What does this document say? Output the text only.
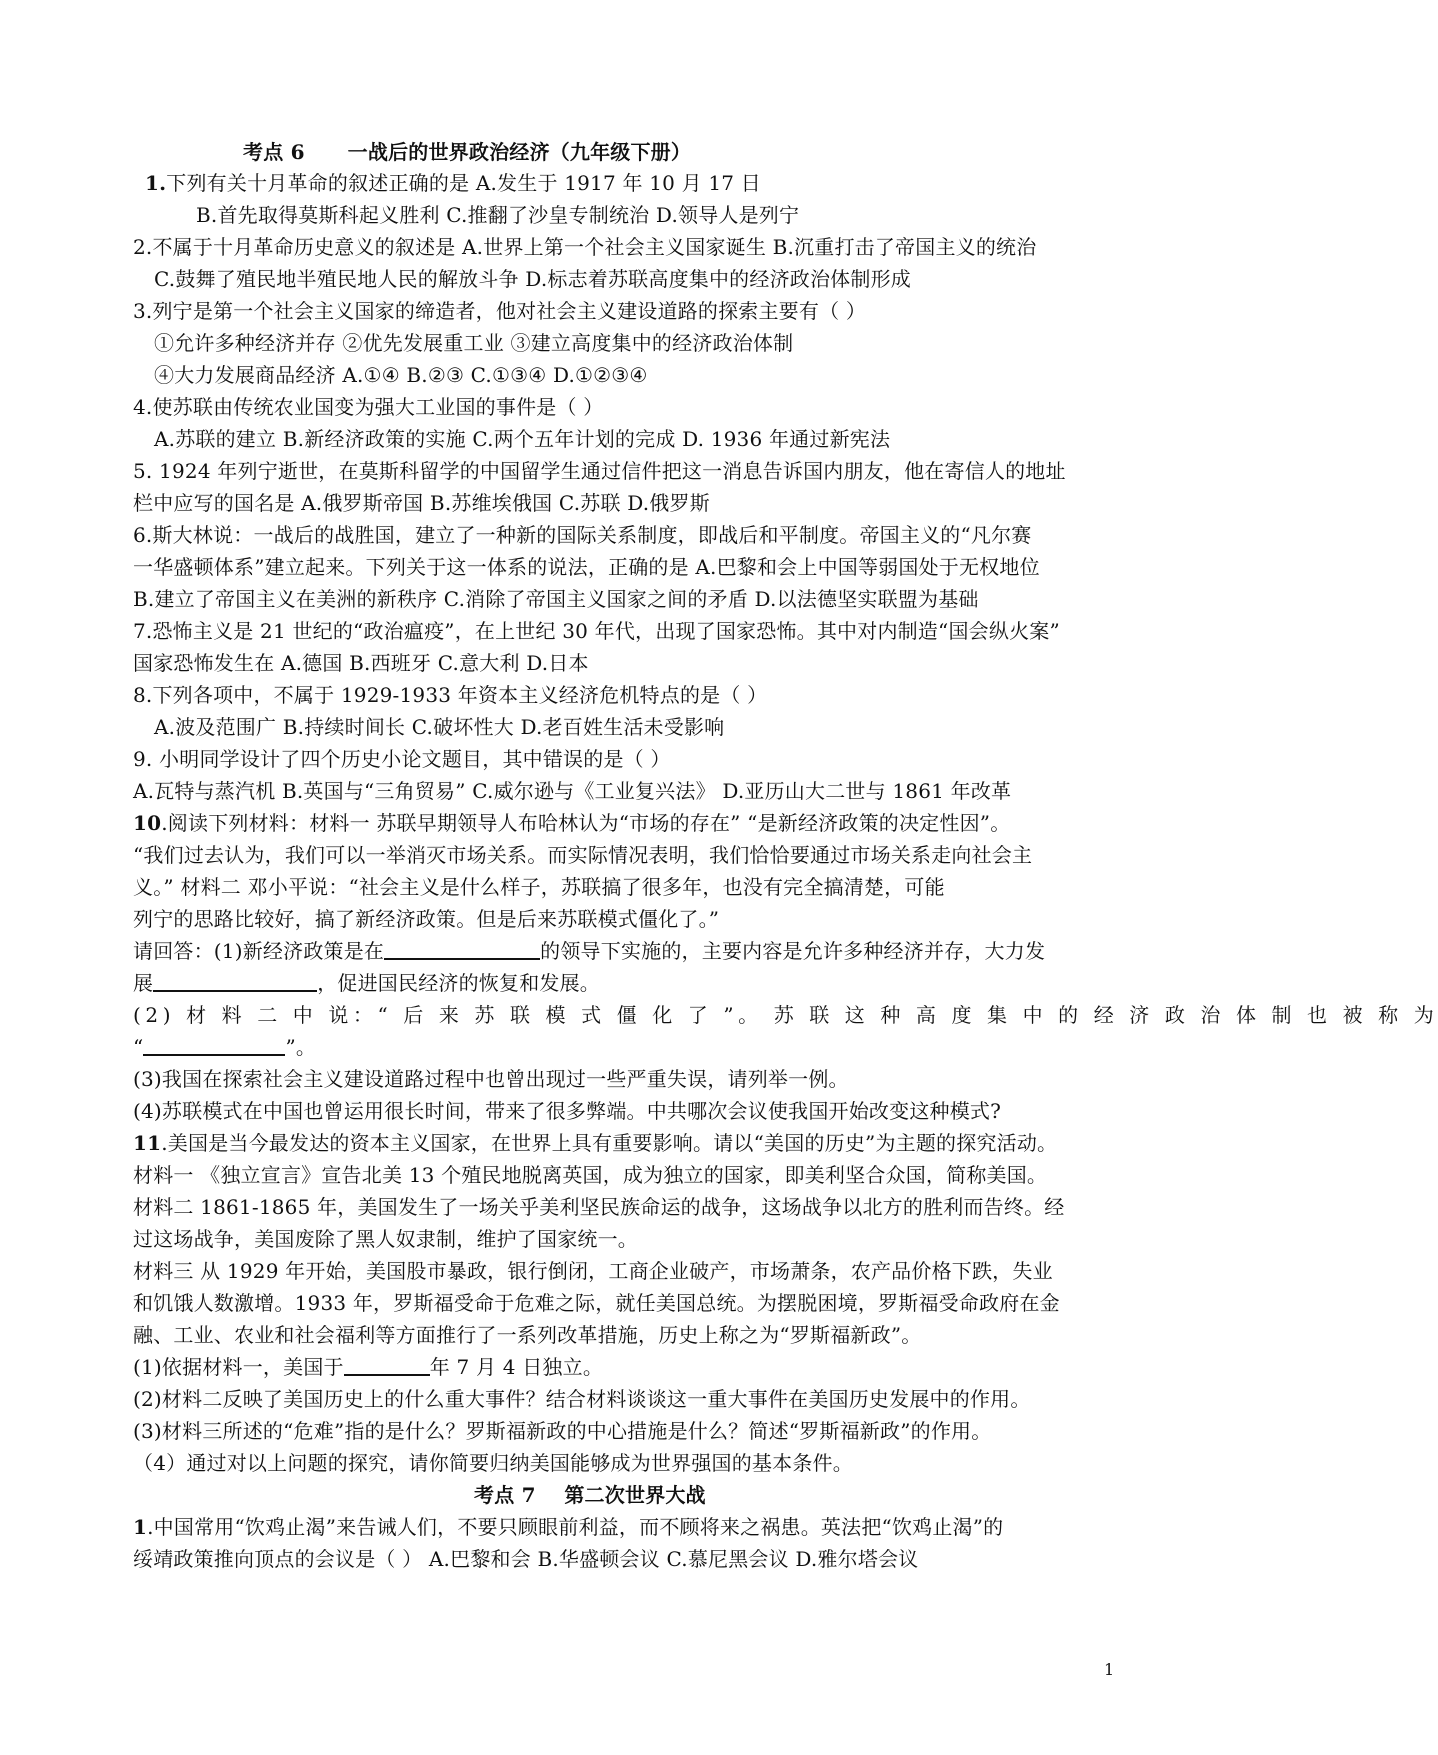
考点 6 一战后的世界政治经济（九年级下册）
1.下列有关十月革命的叙述正确的是 A.发生于 1917 年 10 月 17 日
B.首先取得莫斯科起义胜利 C.推翻了沙皇专制统治 D.领导人是列宁
2.不属于十月革命历史意义的叙述是 A.世界上第一个社会主义国家诞生 B.沉重打击了帝国主义的统治
C.鼓舞了殖民地半殖民地人民的解放斗争 D.标志着苏联高度集中的经济政治体制形成
3.列宁是第一个社会主义国家的缔造者，他对社会主义建设道路的探索主要有（ ）
①允许多种经济并存 ②优先发展重工业 ③建立高度集中的经济政治体制
④大力发展商品经济 A.①④ B.②③ C.①③④ D.①②③④
4.使苏联由传统农业国变为强大工业国的事件是（ ）
A.苏联的建立 B.新经济政策的实施 C.两个五年计划的完成 D. 1936 年通过新宪法
5. 1924 年列宁逝世，在莫斯科留学的中国留学生通过信件把这一消息告诉国内朋友，他在寄信人的地址
栏中应写的国名是 A.俄罗斯帝国 B.苏维埃俄国 C.苏联 D.俄罗斯
6.斯大林说：一战后的战胜国，建立了一种新的国际关系制度，即战后和平制度。帝国主义的“凡尔赛
一华盛顿体系”建立起来。下列关于这一体系的说法，正确的是 A.巴黎和会上中国等弱国处于无权地位
B.建立了帝国主义在美洲的新秩序 C.消除了帝国主义国家之间的矛盾 D.以法德坚实联盟为基础
7.恐怖主义是 21 世纪的“政治瘟疫”，在上世纪 30 年代，出现了国家恐怖。其中对内制造“国会纵火案”
国家恐怖发生在 A.德国 B.西班牙 C.意大利 D.日本
8.下列各项中，不属于 1929-1933 年资本主义经济危机特点的是（ ）
A.波及范围广 B.持续时间长 C.破坏性大 D.老百姓生活未受影响
9. 小明同学设计了四个历史小论文题目，其中错误的是（ ）
A.瓦特与蒸汽机 B.英国与“三角贸易” C.威尔逊与《工业复兴法》 D.亚历山大二世与 1861 年改革
10.阅读下列材料：材料一 苏联早期领导人布哈林认为“市场的存在” “是新经济政策的决定性因”。
“我们过去认为，我们可以一举消灭市场关系。而实际情况表明，我们恰恰要通过市场关系走向社会主
义。” 材料二 邓小平说：“社会主义是什么样子，苏联搞了很多年，也没有完全搞清楚，可能
列宁的思路比较好，搞了新经济政策。但是后来苏联模式僵化了。”
请回答：(1)新经济政策是在	的领导下实施的，主要内容是允许多种经济并存，大力发
展	，促进国民经济的恢复和发展。
(2) 材 料 二 中 说：“ 后 来 苏 联 模 式 僵 化 了 ”。 苏 联 这 种 高 度 集 中 的 经 济 政 治 体 制 也 被 称 为
“	”。
(3)我国在探索社会主义建设道路过程中也曾出现过一些严重失误，请列举一例。
(4)苏联模式在中国也曾运用很长时间，带来了很多弊端。中共哪次会议使我国开始改变这种模式?
11.美国是当今最发达的资本主义国家，在世界上具有重要影响。请以“美国的历史”为主题的探究活动。
材料一 《独立宣言》宣告北美 13 个殖民地脱离英国，成为独立的国家，即美利坚合众国，简称美国。
材料二 1861-1865 年，美国发生了一场关乎美利坚民族命运的战争，这场战争以北方的胜利而告终。经
过这场战争，美国废除了黑人奴隶制，维护了国家统一。
材料三 从 1929 年开始，美国股市暴政，银行倒闭，工商企业破产，市场萧条，农产品价格下跌，失业
和饥饿人数激增。1933 年，罗斯福受命于危难之际，就任美国总统。为摆脱困境，罗斯福受命政府在金
融、工业、农业和社会福利等方面推行了一系列改革措施，历史上称之为“罗斯福新政”。
(1)依据材料一，美国于	年 7 月 4 日独立。
(2)材料二反映了美国历史上的什么重大事件？结合材料谈谈这一重大事件在美国历史发展中的作用。
(3)材料三所述的“危难”指的是什么？罗斯福新政的中心措施是什么？简述“罗斯福新政”的作用。
（4）通过对以上问题的探究，请你简要归纳美国能够成为世界强国的基本条件。
考点 7 第二次世界大战
1.中国常用“饮鸡止渴”来告诫人们，不要只顾眼前利益，而不顾将来之祸患。英法把“饮鸡止渴”的
绥靖政策推向顶点的会议是（ ） A.巴黎和会 B.华盛顿会议 C.慕尼黑会议 D.雅尔塔会议
1
